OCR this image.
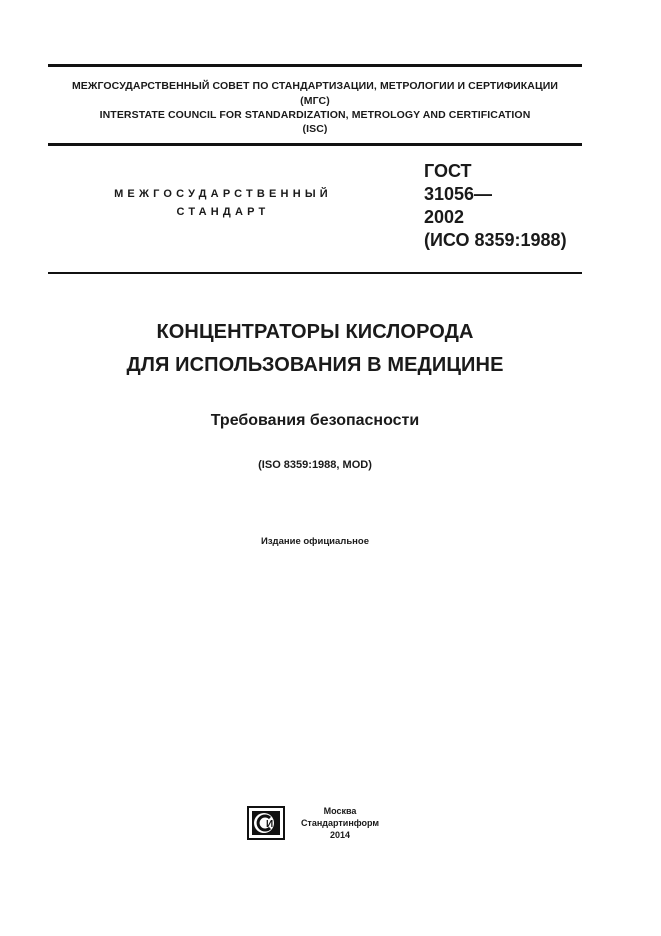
МЕЖГОСУДАРСТВЕННЫЙ СОВЕТ ПО СТАНДАРТИЗАЦИИ, МЕТРОЛОГИИ И СЕРТИФИКАЦИИ
(МГС)
INTERSTATE COUNCIL FOR STANDARDIZATION, METROLOGY AND CERTIFICATION
(ISC)
МЕЖГОСУДАРСТВЕННЫЙ
СТАНДАРТ
ГОСТ
31056—
2002
(ИСО 8359:1988)
КОНЦЕНТРАТОРЫ КИСЛОРОДА
ДЛЯ ИСПОЛЬЗОВАНИЯ В МЕДИЦИНЕ
Требования безопасности
(ISO 8359:1988, MOD)
Издание официальное
И
Москва
Стандартинформ
2014
